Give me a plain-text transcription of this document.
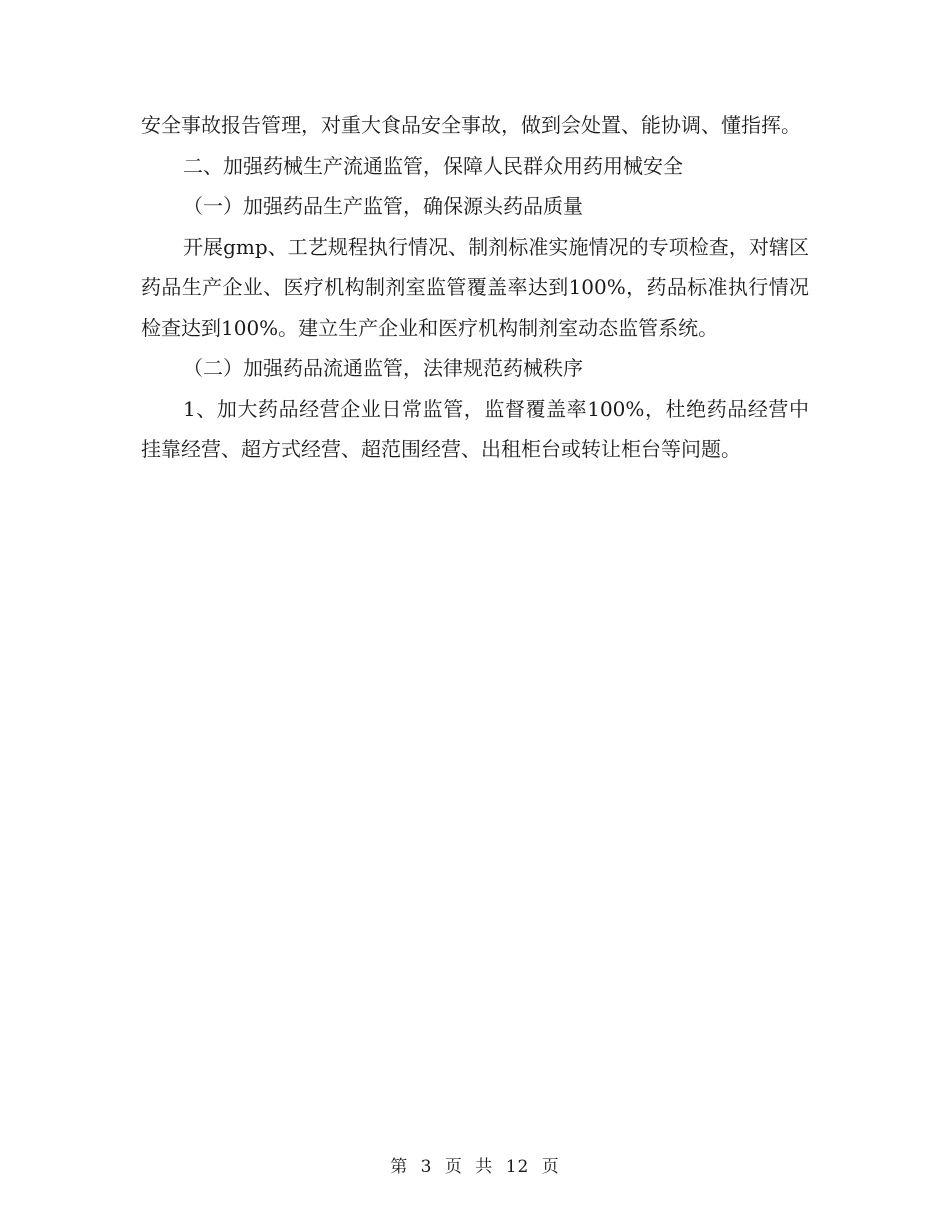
安全事故报告管理，对重大食品安全事故，做到会处置、能协调、懂指挥。

二、加强药械生产流通监管，保障人民群众用药用械安全

（一）加强药品生产监管，确保源头药品质量

开展gmp、工艺规程执行情况、制剂标准实施情况的专项检查，对辖区药品生产企业、医疗机构制剂室监管覆盖率达到100%，药品标准执行情况检查达到100%。建立生产企业和医疗机构制剂室动态监管系统。

（二）加强药品流通监管，法律规范药械秩序

1、加大药品经营企业日常监管，监督覆盖率100%，杜绝药品经营中挂靠经营、超方式经营、超范围经营、出租柜台或转让柜台等问题。

第 3 页 共 12 页
